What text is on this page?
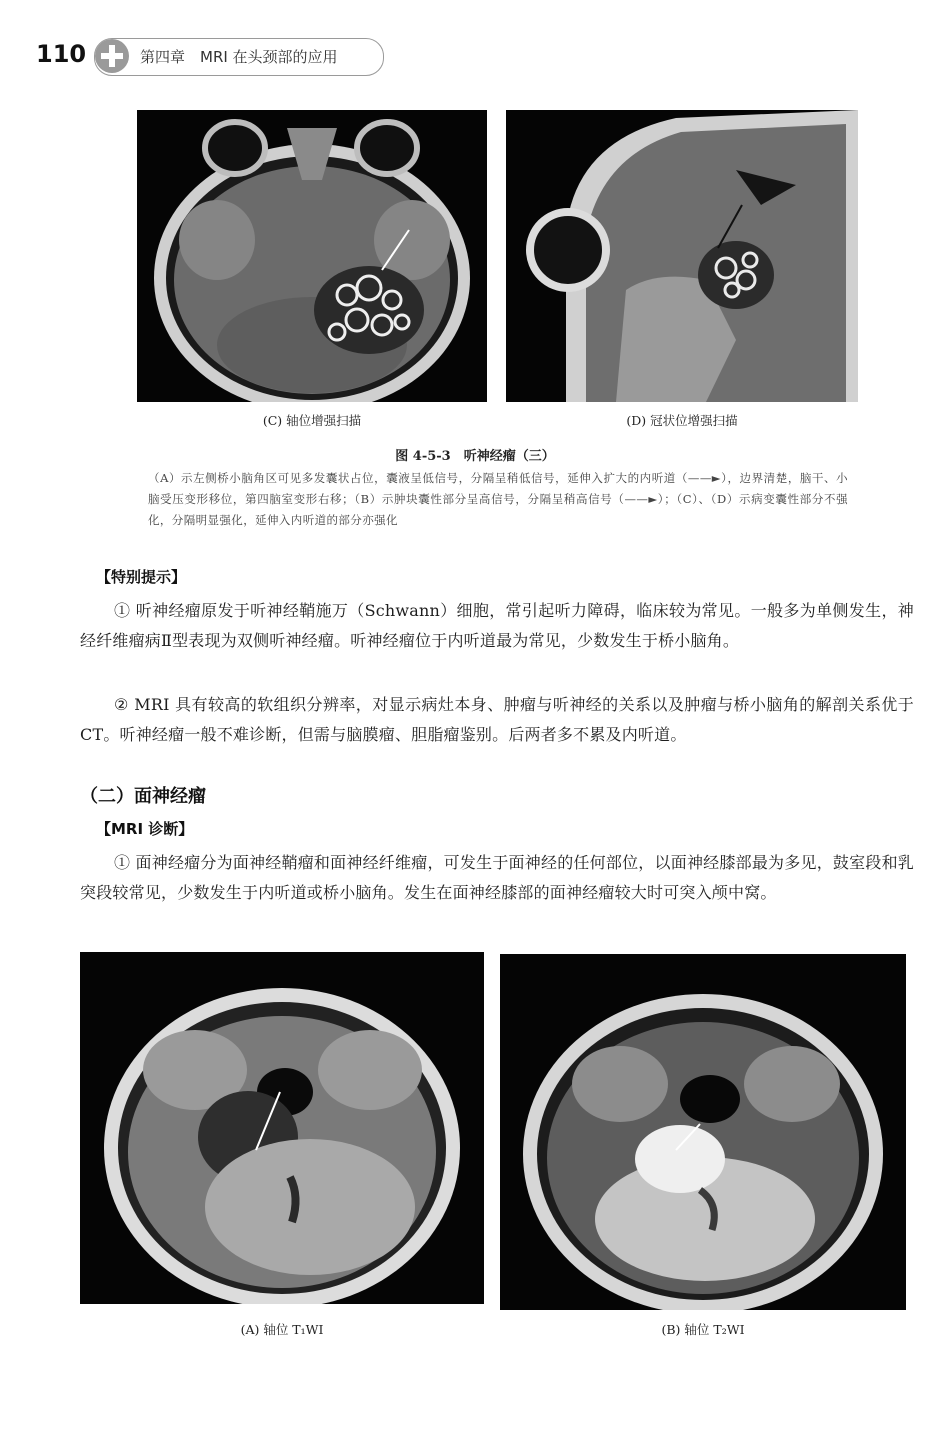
110	第四章　MRI 在头颈部的应用
(C) 轴位增强扫描	(D) 冠状位增强扫描
图 4-5-3　听神经瘤（三）
（A）示左侧桥小脑角区可见多发囊状占位，囊液呈低信号，分隔呈稍低信号，延伸入扩大的内听道（——►），边界清楚，脑干、小脑受压变形移位，第四脑室变形右移；（B）示肿块囊性部分呈高信号，分隔呈稍高信号（——►）；（C）、（D）示病变囊性部分不强化，分隔明显强化，延伸入内听道的部分亦强化
【特别提示】
① 听神经瘤原发于听神经鞘施万（Schwann）细胞，常引起听力障碍，临床较为常见。一般多为单侧发生，神经纤维瘤病Ⅱ型表现为双侧听神经瘤。听神经瘤位于内听道最为常见，少数发生于桥小脑角。
② MRI 具有较高的软组织分辨率，对显示病灶本身、肿瘤与听神经的关系以及肿瘤与桥小脑角的解剖关系优于 CT。听神经瘤一般不难诊断，但需与脑膜瘤、胆脂瘤鉴别。后两者多不累及内听道。
（二）面神经瘤
【MRI 诊断】
① 面神经瘤分为面神经鞘瘤和面神经纤维瘤，可发生于面神经的任何部位，以面神经膝部最为多见，鼓室段和乳突段较常见，少数发生于内听道或桥小脑角。发生在面神经膝部的面神经瘤较大时可突入颅中窝。
(A) 轴位 T₁WI	(B) 轴位 T₂WI
